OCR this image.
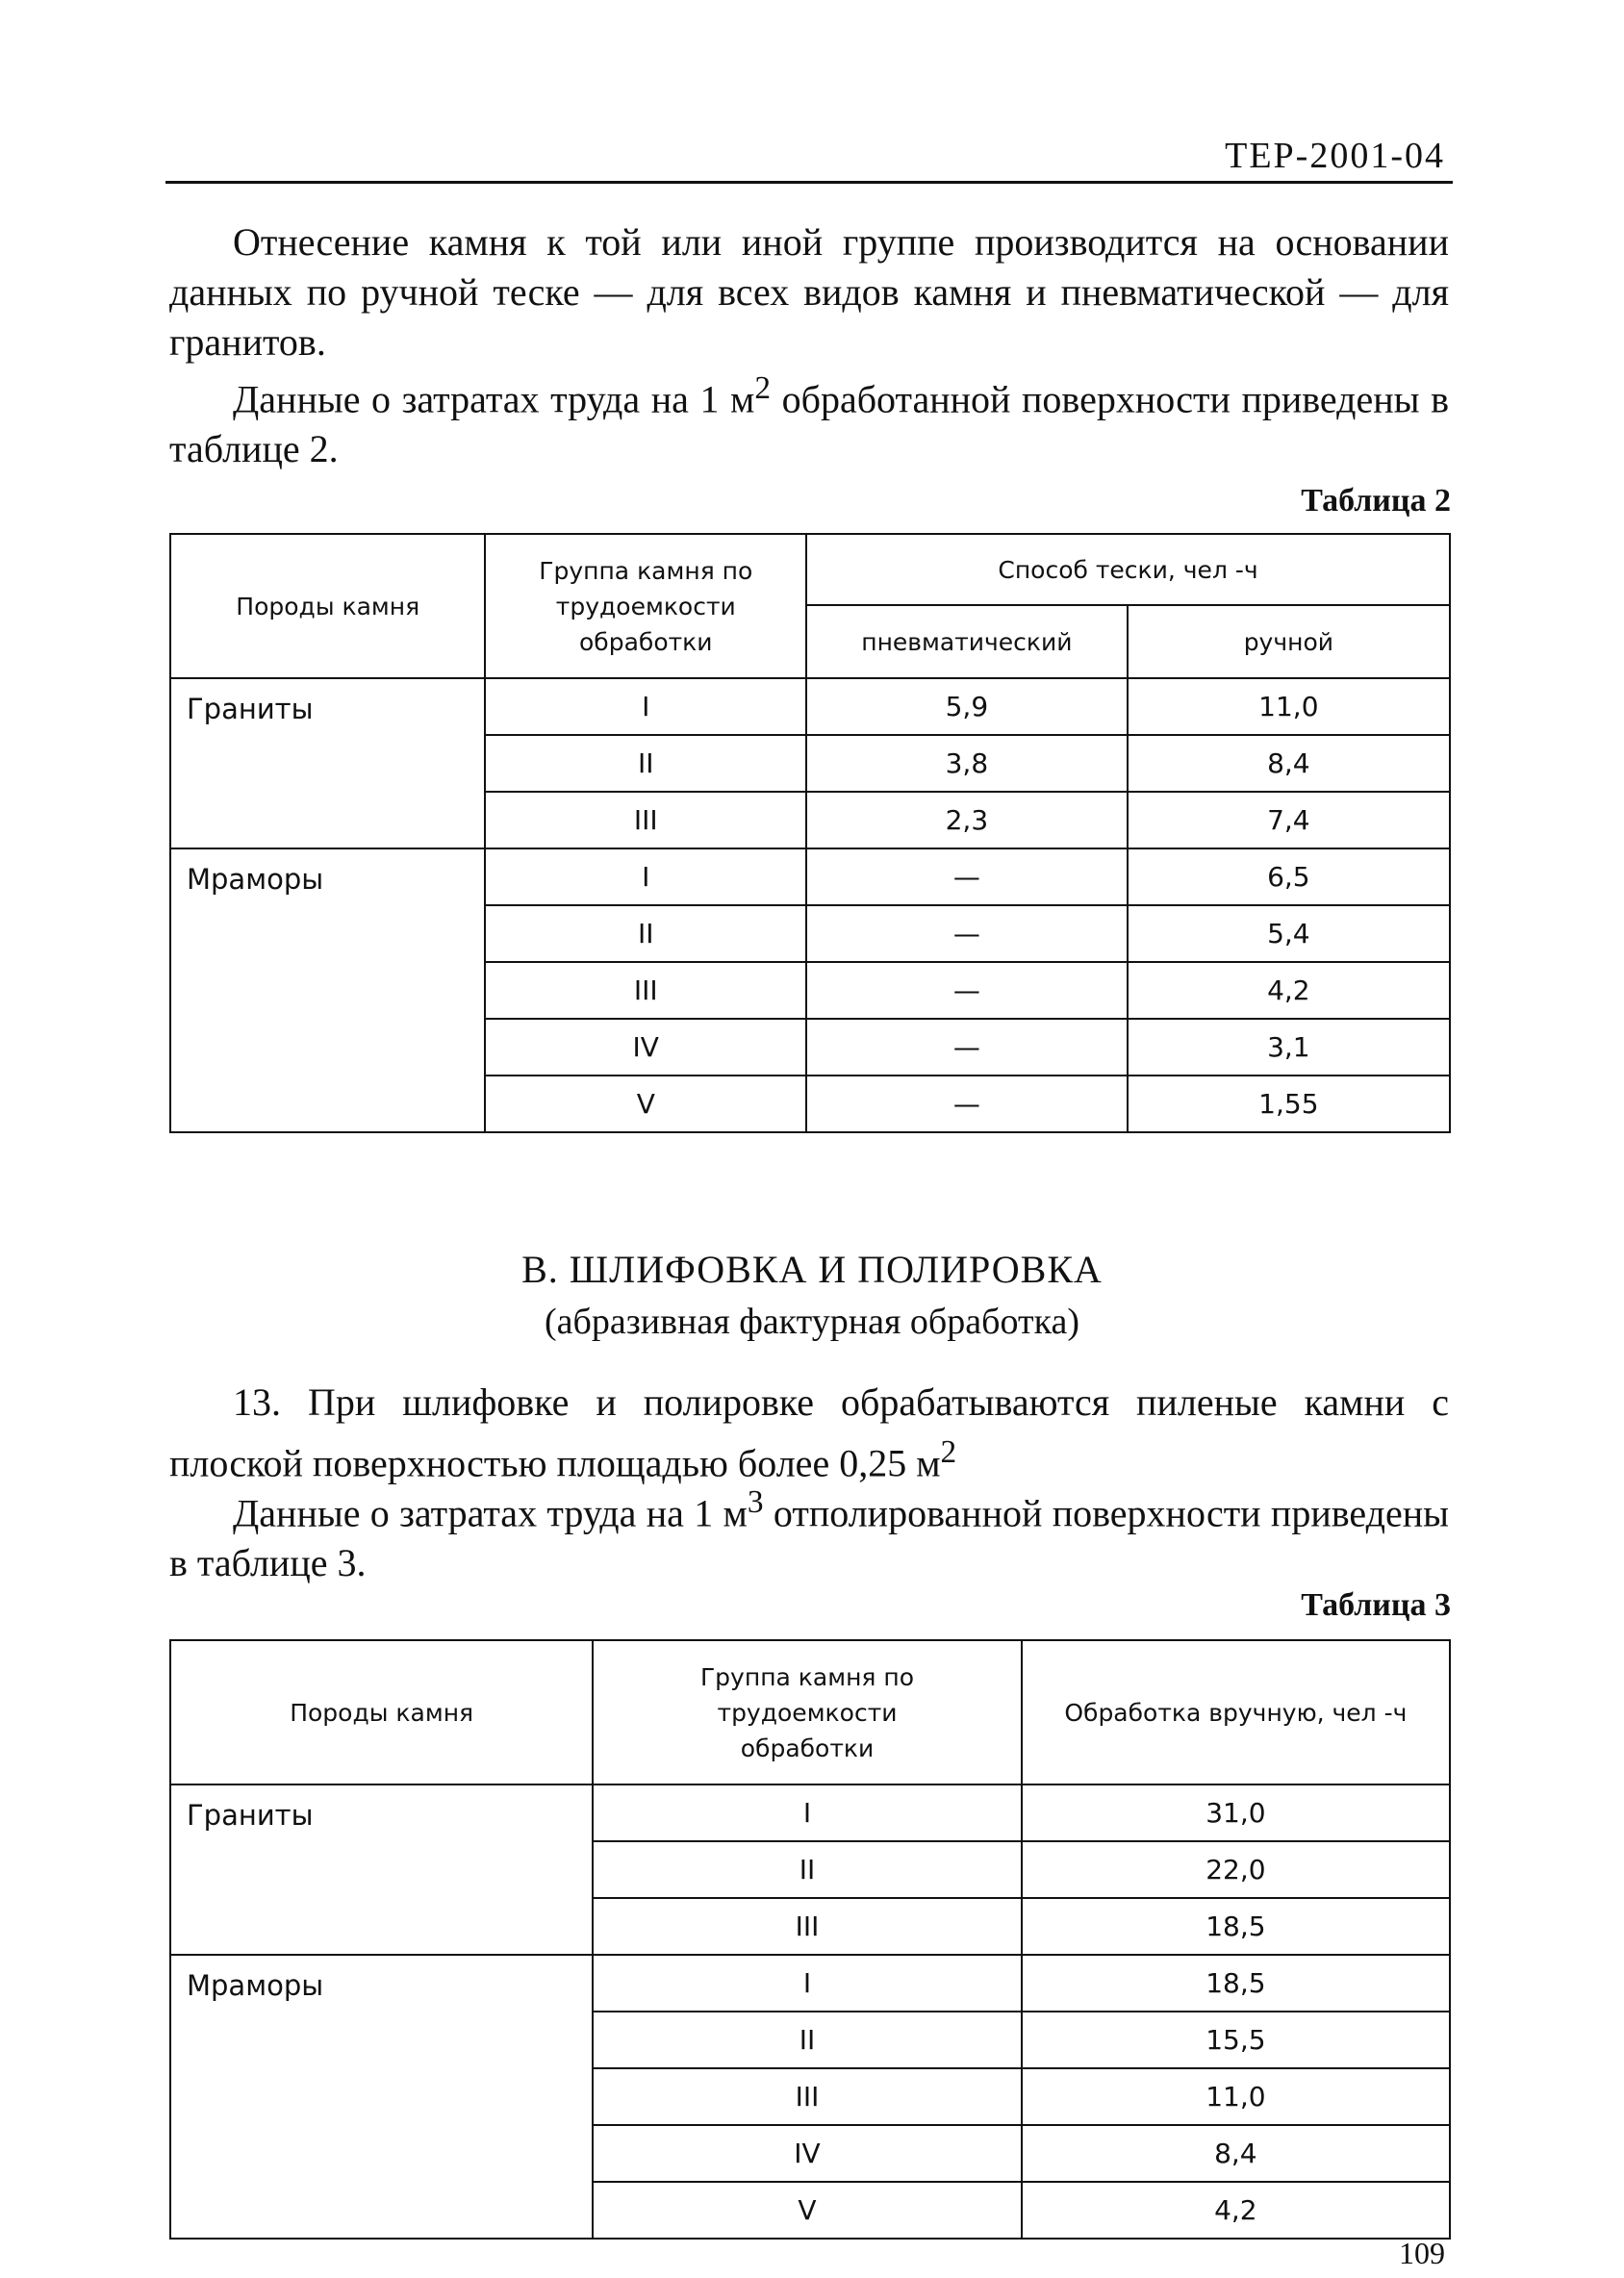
ТЕР-2001-04

Отнесение камня к той или иной группе производится на основании данных по ручной теске — для всех видов камня и пневматической — для гранитов.

Данные о затратах труда на 1 $м^2$ обработанной поверхности приведены в таблице 2.

Таблица 2
Породы камня	Группа камня по трудоемкости обработки	Способ тески, чел -ч	
		пневматический	ручной
Граниты	I	5,9	11,0
	II	3,8	8,4
	III	2,3	7,4
Мраморы	I	—	6,5
	II	—	5,4
	III	—	4,2
	IV	—	3,1
	V	—	1,55
В. ШЛИФОВКА И ПОЛИРОВКА
(абразивная фактурная обработка)

13. При шлифовке и полировке обрабатываются пиленые камни с плоской поверхностью площадью более 0,25 $м^2$

Данные о затратах труда на 1 $м^3$ отполированной поверхности приведены в таблице 3.

Таблица 3
Породы камня	Группа камня по трудоемкости обработки	Обработка вручную, чел -ч
Граниты	I	31,0
	II	22,0
	III	18,5
Мраморы	I	18,5
	II	15,5
	III	11,0
	IV	8,4
	V	4,2
109
